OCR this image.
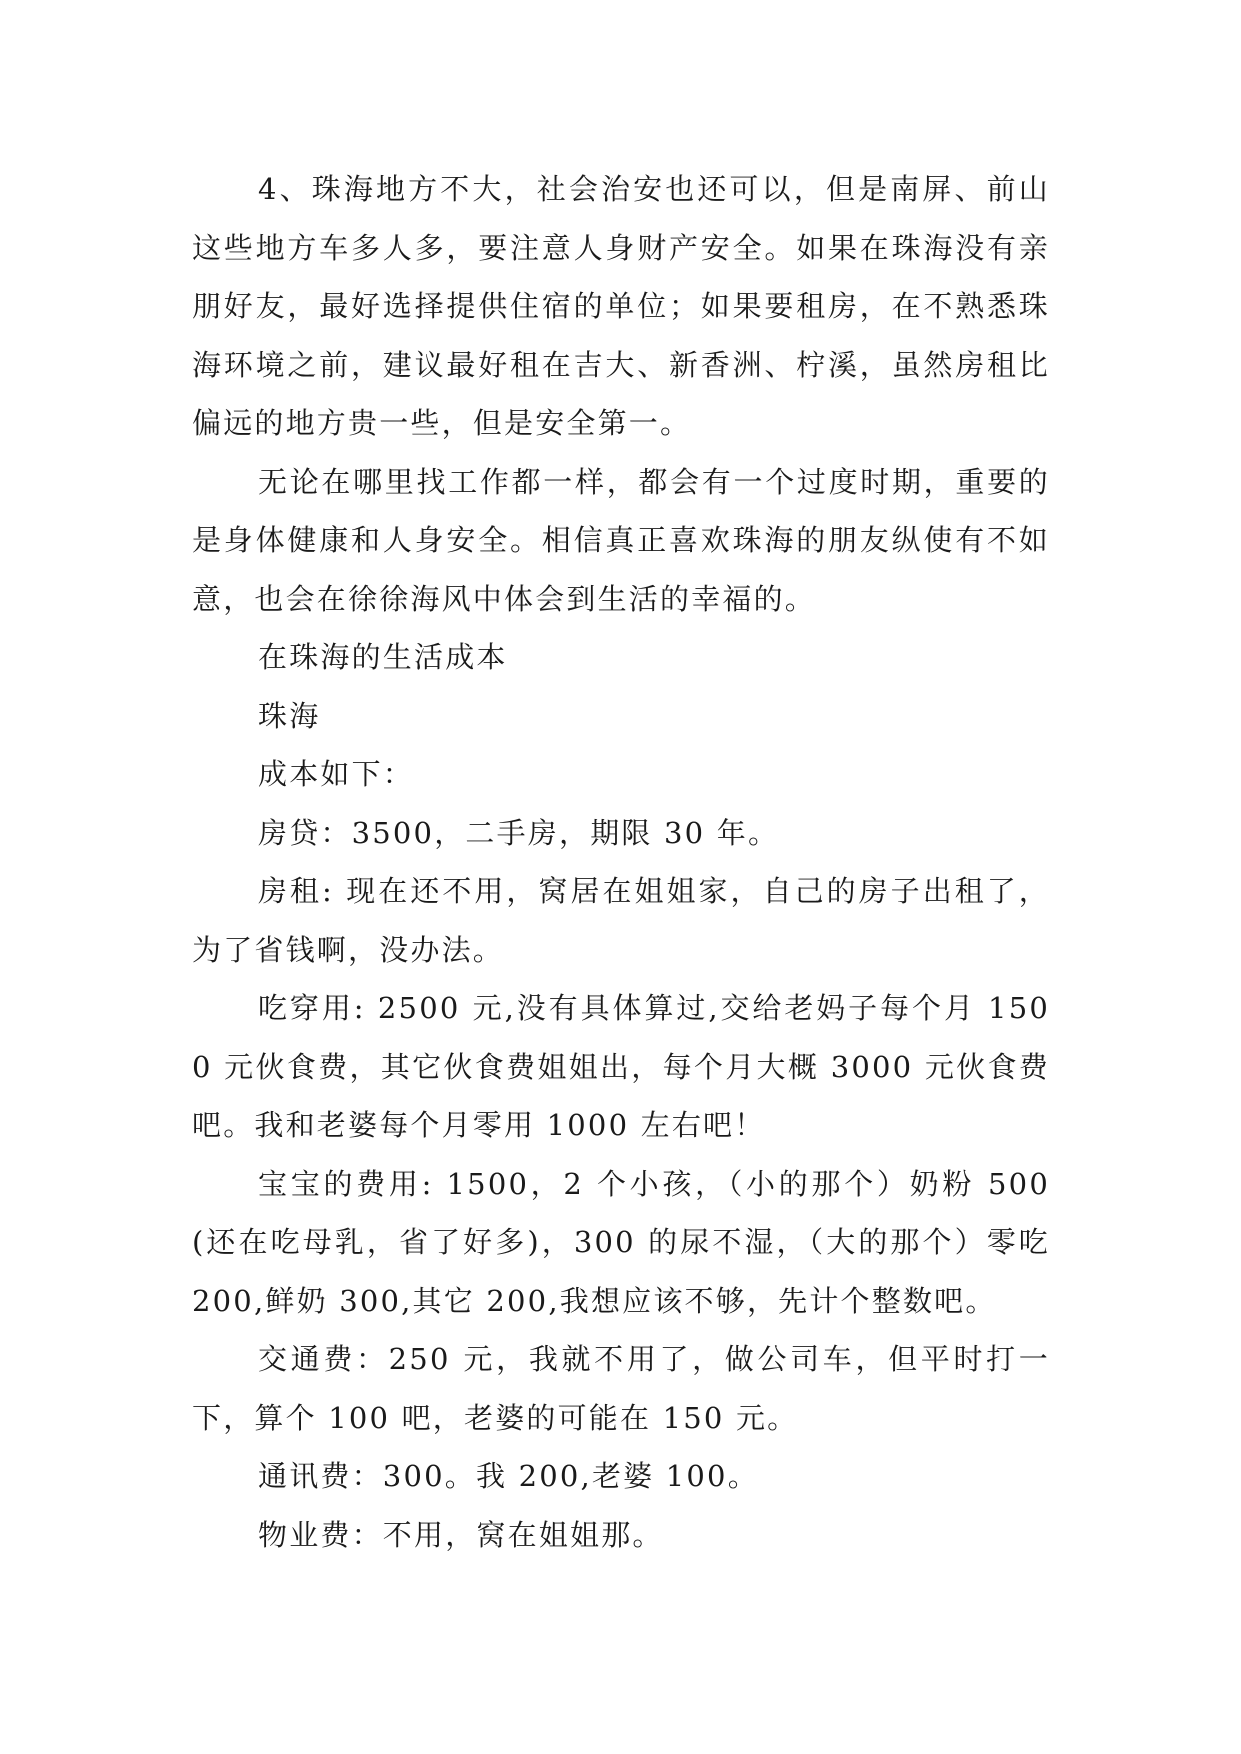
4、珠海地方不大，社会治安也还可以，但是南屏、前山这些地方车多人多，要注意人身财产安全。如果在珠海没有亲朋好友，最好选择提供住宿的单位；如果要租房，在不熟悉珠海环境之前，建议最好租在吉大、新香洲、柠溪，虽然房租比偏远的地方贵一些，但是安全第一。

无论在哪里找工作都一样，都会有一个过度时期，重要的是身体健康和人身安全。相信真正喜欢珠海的朋友纵使有不如意，也会在徐徐海风中体会到生活的幸福的。

在珠海的生活成本

珠海

成本如下：

房贷：3500，二手房，期限 30 年。

房租: 现在还不用，窝居在姐姐家，自己的房子出租了，为了省钱啊，没办法。

吃穿用: 2500 元,没有具体算过,交给老妈子每个月 1500 元伙食费，其它伙食费姐姐出，每个月大概 3000 元伙食费吧。我和老婆每个月零用 1000 左右吧！

宝宝的费用: 1500，2 个小孩，（小的那个）奶粉 500(还在吃母乳，省了好多)，300 的尿不湿，（大的那个）零吃 200,鲜奶 300,其它 200,我想应该不够，先计个整数吧。

交通费：250 元，我就不用了，做公司车，但平时打一下，算个 100 吧，老婆的可能在 150 元。

通讯费：300。我 200,老婆 100。

物业费：不用，窝在姐姐那。
